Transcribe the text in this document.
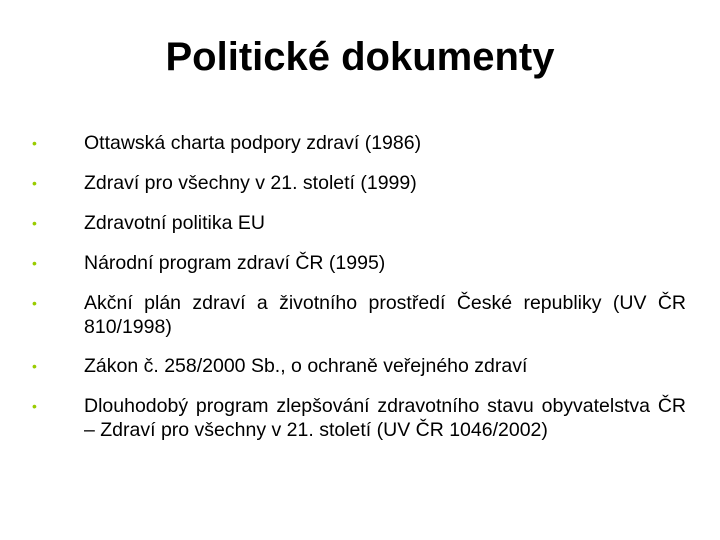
Politické dokumenty
•	Ottawská charta podpory zdraví (1986)
•	Zdraví pro všechny v 21. století (1999)
•	Zdravotní politika EU
•	Národní program zdraví ČR (1995)
•	Akční plán zdraví a životního prostředí České republiky (UV ČR 810/1998)
•	Zákon č. 258/2000 Sb., o ochraně veřejného zdraví
•	Dlouhodobý program zlepšování zdravotního stavu obyvatelstva ČR – Zdraví pro všechny v 21. století (UV ČR 1046/2002)
